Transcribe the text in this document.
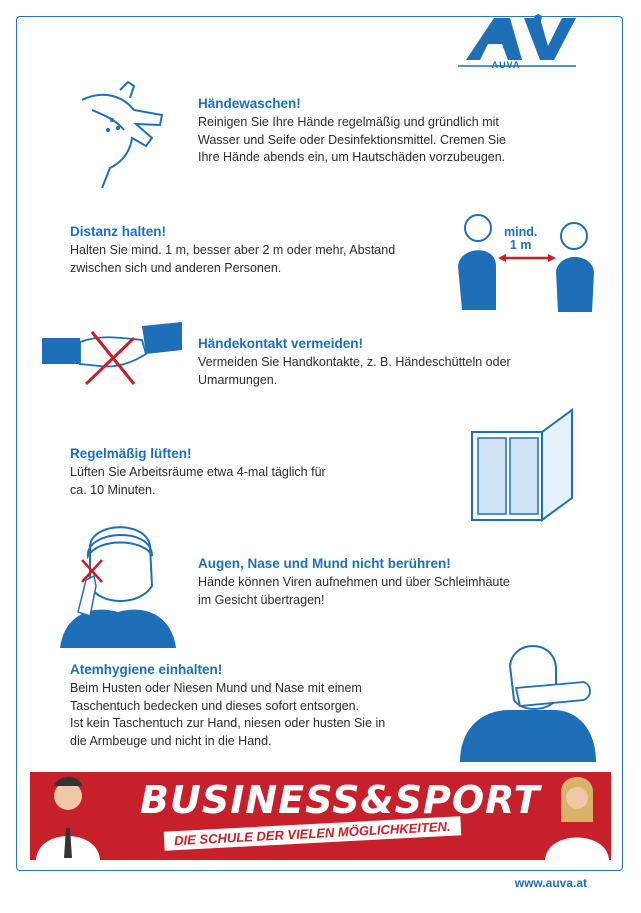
AUVA
Händewaschen!
Reinigen Sie Ihre Hände regelmäßig und gründlich mit
Wasser und Seife oder Desinfektionsmittel. Cremen Sie
Ihre Hände abends ein, um Hautschäden vorzubeugen.
Distanz halten!
Halten Sie mind. 1 m, besser aber 2 m oder mehr, Abstand
zwischen sich und anderen Personen.
mind.
1 m
Händekontakt vermeiden!
Vermeiden Sie Handkontakte, z. B. Händeschütteln oder
Umarmungen.
Regelmäßig lüften!
Lüften Sie Arbeitsräume etwa 4-mal täglich für
ca. 10 Minuten.
Augen, Nase und Mund nicht berühren!
Hände können Viren aufnehmen und über Schleimhäute
im Gesicht übertragen!
Atemhygiene einhalten!
Beim Husten oder Niesen Mund und Nase mit einem
Taschentuch bedecken und dieses sofort entsorgen.
Ist kein Taschentuch zur Hand, niesen oder husten Sie in
die Armbeuge und nicht in die Hand.
BUSINESS&SPORT
DIE SCHULE DER VIELEN MÖGLICHKEITEN.
www.auva.at
